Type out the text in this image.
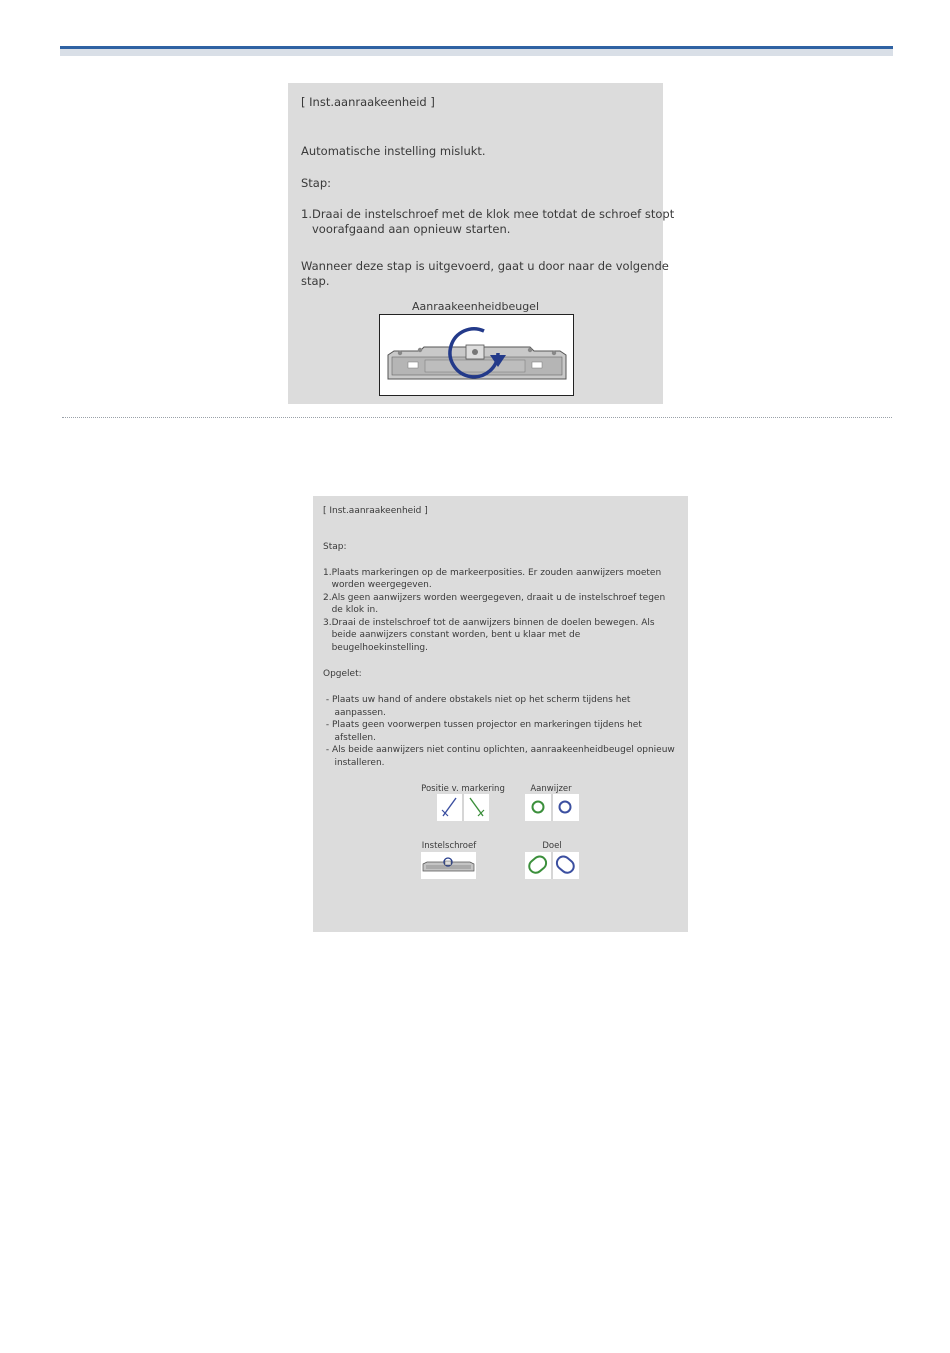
[ Inst.aanraakeenheid ]
Automatische instelling mislukt.
Stap:
1.Draai de instelschroef met de klok mee totdat de schroef stopt
voorafgaand aan opnieuw starten.
Wanneer deze stap is uitgevoerd, gaat u door naar de volgende
stap.
Aanraakeenheidbeugel
[ Inst.aanraakeenheid ]
Stap:
1.Plaats markeringen op de markeerposities. Er zouden aanwijzers moeten
worden weergegeven.
2.Als geen aanwijzers worden weergegeven, draait u de instelschroef tegen
de klok in.
3.Draai de instelschroef tot de aanwijzers binnen de doelen bewegen. Als
beide aanwijzers constant worden, bent u klaar met de
beugelhoekinstelling.
Opgelet:
- Plaats uw hand of andere obstakels niet op het scherm tijdens het
aanpassen.
- Plaats geen voorwerpen tussen projector en markeringen tijdens het
afstellen.
- Als beide aanwijzers niet continu oplichten, aanraakeenheidbeugel opnieuw
installeren.
Positie v. markering	Aanwijzer
Instelschroef	Doel
